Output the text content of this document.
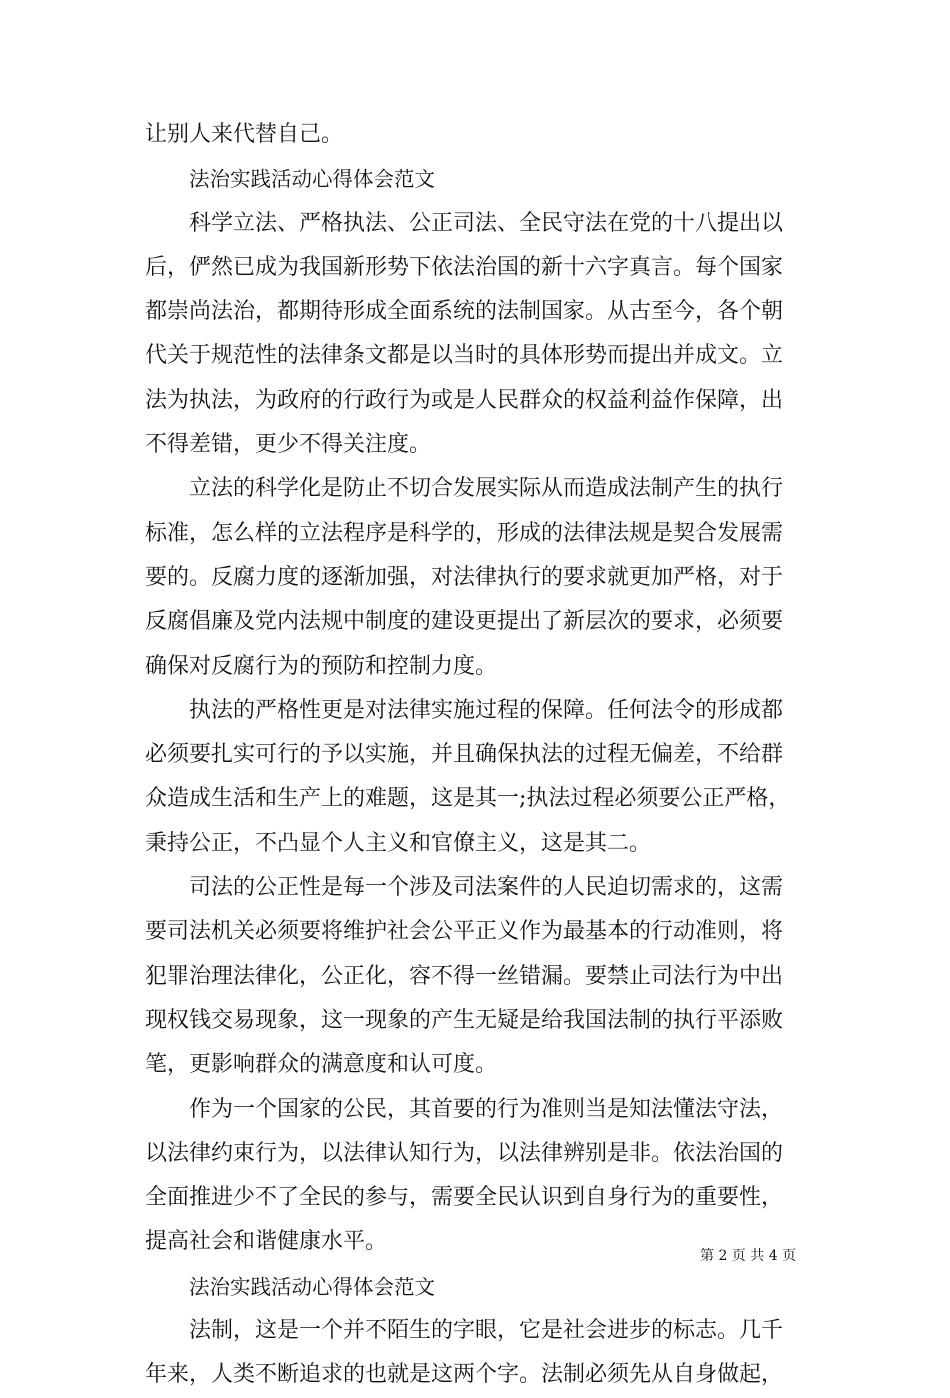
让别人来代替自己。
法治实践活动心得体会范文
科学立法、严格执法、公正司法、全民守法在党的十八提出以
后，俨然已成为我国新形势下依法治国的新十六字真言。每个国家
都崇尚法治，都期待形成全面系统的法制国家。从古至今，各个朝
代关于规范性的法律条文都是以当时的具体形势而提出并成文。立
法为执法，为政府的行政行为或是人民群众的权益利益作保障，出
不得差错，更少不得关注度。
立法的科学化是防止不切合发展实际从而造成法制产生的执行
标准，怎么样的立法程序是科学的，形成的法律法规是契合发展需
要的。反腐力度的逐渐加强，对法律执行的要求就更加严格，对于
反腐倡廉及党内法规中制度的建设更提出了新层次的要求，必须要
确保对反腐行为的预防和控制力度。
执法的严格性更是对法律实施过程的保障。任何法令的形成都
必须要扎实可行的予以实施，并且确保执法的过程无偏差，不给群
众造成生活和生产上的难题，这是其一;执法过程必须要公正严格，
秉持公正，不凸显个人主义和官僚主义，这是其二。
司法的公正性是每一个涉及司法案件的人民迫切需求的，这需
要司法机关必须要将维护社会公平正义作为最基本的行动准则，将
犯罪治理法律化，公正化，容不得一丝错漏。要禁止司法行为中出
现权钱交易现象，这一现象的产生无疑是给我国法制的执行平添败
笔，更影响群众的满意度和认可度。
作为一个国家的公民，其首要的行为准则当是知法懂法守法，
以法律约束行为，以法律认知行为，以法律辨别是非。依法治国的
全面推进少不了全民的参与，需要全民认识到自身行为的重要性，
提高社会和谐健康水平。
法治实践活动心得体会范文
法制，这是一个并不陌生的字眼，它是社会进步的标志。几千
年来，人类不断追求的也就是这两个字。法制必须先从自身做起，
第 2 页 共 4 页
